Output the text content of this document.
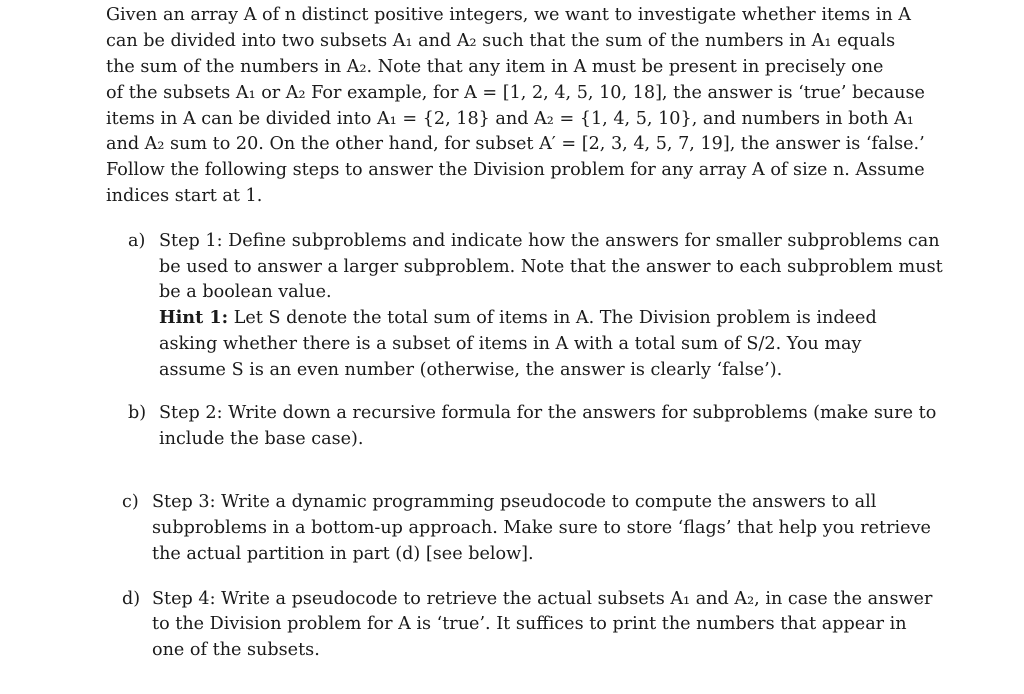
Given an array A of n distinct positive integers, we want to investigate whether items in A
can be divided into two subsets A₁ and A₂ such that the sum of the numbers in A₁ equals
the sum of the numbers in A₂. Note that any item in A must be present in precisely one
of the subsets A₁ or A₂ For example, for A = [1, 2, 4, 5, 10, 18], the answer is ‘true’ because
items in A can be divided into A₁ = {2, 18} and A₂ = {1, 4, 5, 10}, and numbers in both A₁
and A₂ sum to 20. On the other hand, for subset A′ = [2, 3, 4, 5, 7, 19], the answer is ‘false.’
Follow the following steps to answer the Division problem for any array A of size n. Assume
indices start at 1.
a) Step 1: Define subproblems and indicate how the answers for smaller subproblems can
be used to answer a larger subproblem. Note that the answer to each subproblem must
be a boolean value.
Hint 1: Let S denote the total sum of items in A. The Division problem is indeed
asking whether there is a subset of items in A with a total sum of S/2. You may
assume S is an even number (otherwise, the answer is clearly ‘false’).
b) Step 2: Write down a recursive formula for the answers for subproblems (make sure to
include the base case).
c) Step 3: Write a dynamic programming pseudocode to compute the answers to all
subproblems in a bottom-up approach. Make sure to store ‘flags’ that help you retrieve
the actual partition in part (d) [see below].
d) Step 4: Write a pseudocode to retrieve the actual subsets A₁ and A₂, in case the answer
to the Division problem for A is ‘true’. It suffices to print the numbers that appear in
one of the subsets.
